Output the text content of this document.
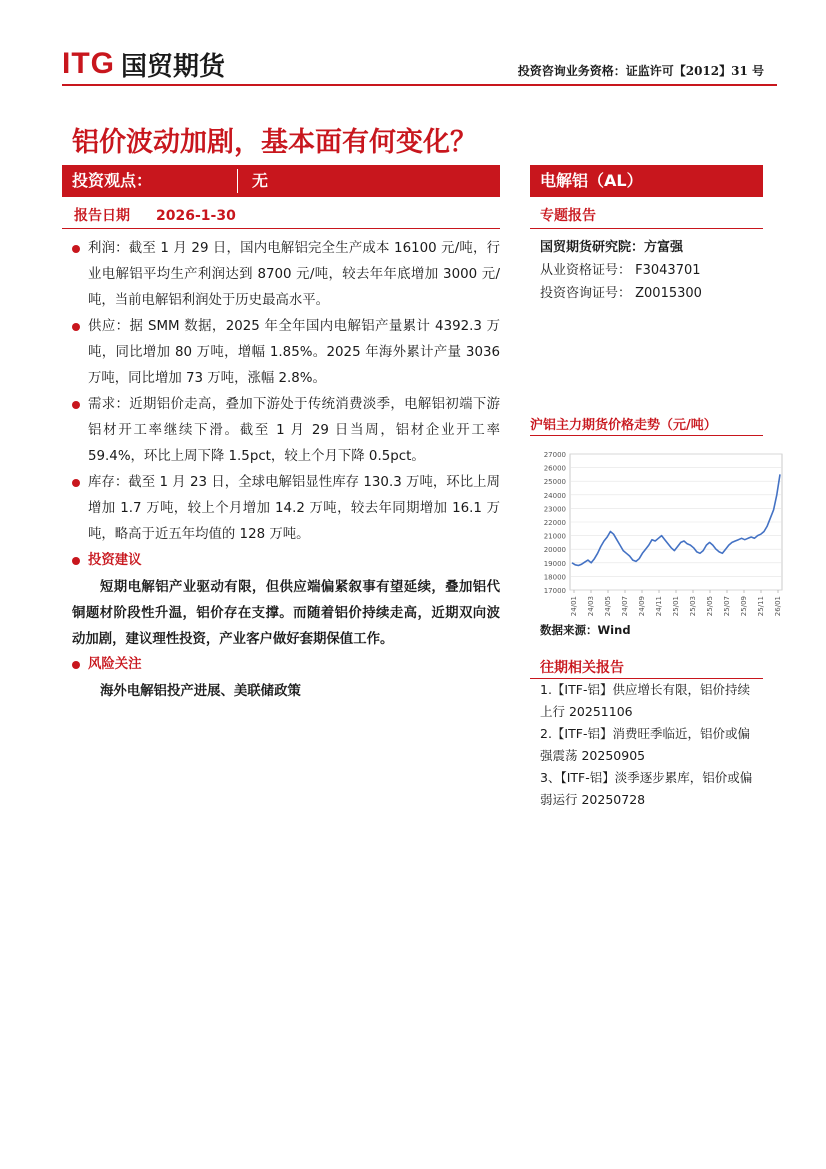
ITG 国贸期货	投资咨询业务资格：证监许可【2012】31 号
铝价波动加剧，基本面有何变化？
投资观点：	无	电解铝（AL）
报告日期 2026-1-30	专题报告
利润：截至 1 月 29 日，国内电解铝完全生产成本 16100 元/吨，行业电解铝平均生产利润达到 8700 元/吨，较去年年底增加 3000 元/吨，当前电解铝利润处于历史最高水平。
供应：据 SMM 数据，2025 年全年国内电解铝产量累计 4392.3 万吨，同比增加 80 万吨，增幅 1.85%。2025 年海外累计产量 3036 万吨，同比增加 73 万吨，涨幅 2.8%。
需求：近期铝价走高，叠加下游处于传统消费淡季，电解铝初端下游铝材开工率继续下滑。截至 1 月 29 日当周，铝材企业开工率 59.4%，环比上周下降 1.5pct，较上个月下降 0.5pct。
库存：截至 1 月 23 日，全球电解铝显性库存 130.3 万吨，环比上周增加 1.7 万吨，较上个月增加 14.2 万吨，较去年同期增加 16.1 万吨，略高于近五年均值的 128 万吨。
投资建议
短期电解铝产业驱动有限，但供应端偏紧叙事有望延续，叠加铝代铜题材阶段性升温，铝价存在支撑。而随着铝价持续走高，近期双向波动加剧，建议理性投资，产业客户做好套期保值工作。
风险关注
海外电解铝投产进展、美联储政策
国贸期货研究院：方富强
从业资格证号： F3043701
投资咨询证号： Z0015300
沪铝主力期货价格走势（元/吨）
17000
18000
19000
20000
21000
22000
23000
24000
25000
26000
27000
24/01 24/03 24/05 24/07 24/09 24/11 25/01 25/03 25/05 25/07 25/09 25/11 26/01
数据来源：Wind
往期相关报告
1.【ITF-铝】供应增长有限，铝价持续上行 20251106
2.【ITF-铝】消费旺季临近，铝价或偏强震荡 20250905
3、【ITF-铝】淡季逐步累库，铝价或偏弱运行 20250728
